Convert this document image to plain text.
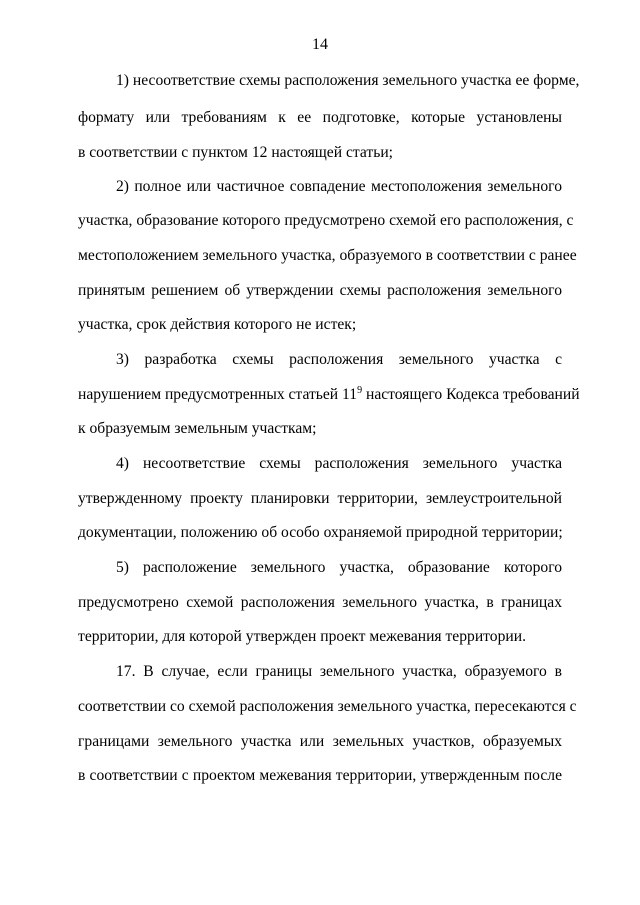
14
1) несоответствие схемы расположения земельного участка ее форме,
формату или требованиям к ее подготовке, которые установлены
в соответствии с пунктом 12 настоящей статьи;
2) полное или частичное совпадение местоположения земельного
участка, образование которого предусмотрено схемой его расположения, с
местоположением земельного участка, образуемого в соответствии с ранее
принятым решением об утверждении схемы расположения земельного
участка, срок действия которого не истек;
3) разработка схемы расположения земельного участка с
нарушением предусмотренных статьей $11^9$ настоящего Кодекса требований
к образуемым земельным участкам;
4) несоответствие схемы расположения земельного участка
утвержденному проекту планировки территории, землеустроительной
документации, положению об особо охраняемой природной территории;
5) расположение земельного участка, образование которого
предусмотрено схемой расположения земельного участка, в границах
территории, для которой утвержден проект межевания территории.
17. В случае, если границы земельного участка, образуемого в
соответствии со схемой расположения земельного участка, пересекаются с
границами земельного участка или земельных участков, образуемых
в соответствии с проектом межевания территории, утвержденным после
